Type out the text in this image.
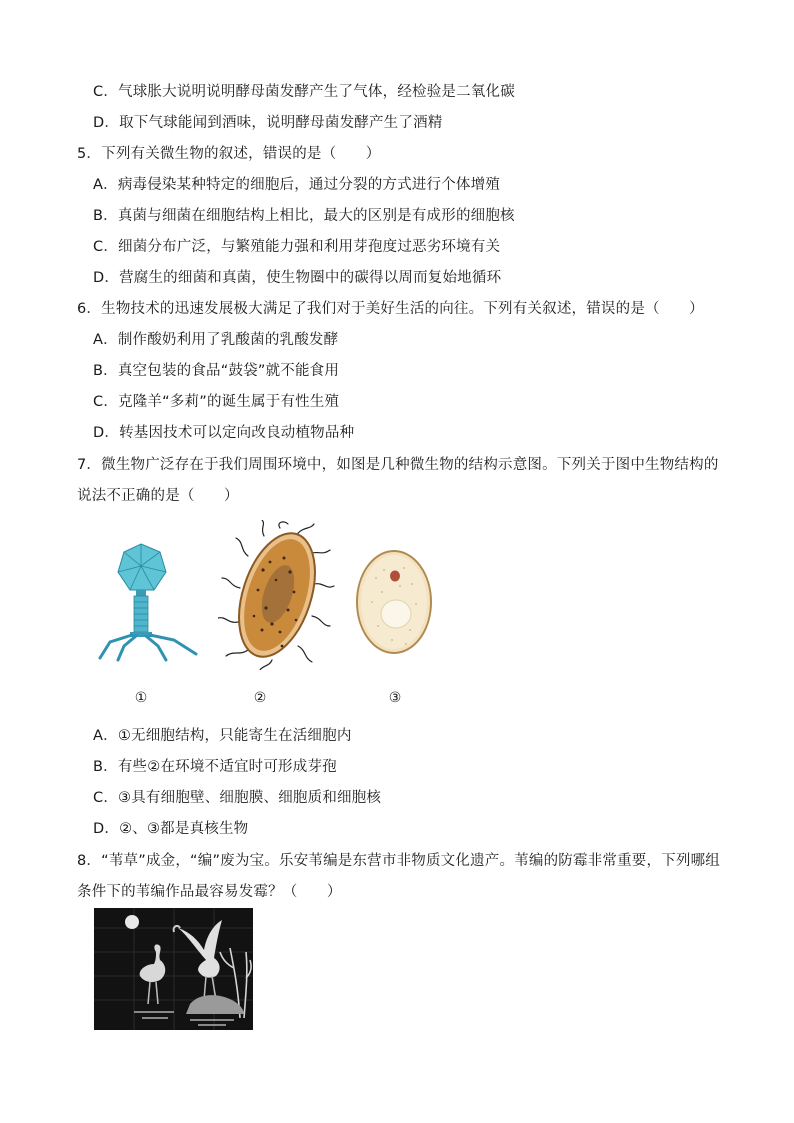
C．气球胀大说明说明酵母菌发酵产生了气体，经检验是二氧化碳
D．取下气球能闻到酒味，说明酵母菌发酵产生了酒精
5．下列有关微生物的叙述，错误的是（　　）
A．病毒侵染某种特定的细胞后，通过分裂的方式进行个体增殖
B．真菌与细菌在细胞结构上相比，最大的区别是有成形的细胞核
C．细菌分布广泛，与繁殖能力强和利用芽孢度过恶劣环境有关
D．营腐生的细菌和真菌，使生物圈中的碳得以周而复始地循环
6．生物技术的迅速发展极大满足了我们对于美好生活的向往。下列有关叙述，错误的是（　　）
A．制作酸奶利用了乳酸菌的乳酸发酵
B．真空包装的食品“鼓袋”就不能食用
C．克隆羊“多莉”的诞生属于有性生殖
D．转基因技术可以定向改良动植物品种
7．微生物广泛存在于我们周围环境中，如图是几种微生物的结构示意图。下列关于图中生物结构的
说法不正确的是（　　）
①	②	③
A．①无细胞结构，只能寄生在活细胞内
B．有些②在环境不适宜时可形成芽孢
C．③具有细胞壁、细胞膜、细胞质和细胞核
D．②、③都是真核生物
8．“苇草”成金，“编”废为宝。乐安苇编是东营市非物质文化遗产。苇编的防霉非常重要，下列哪组
条件下的苇编作品最容易发霉？（　　）
